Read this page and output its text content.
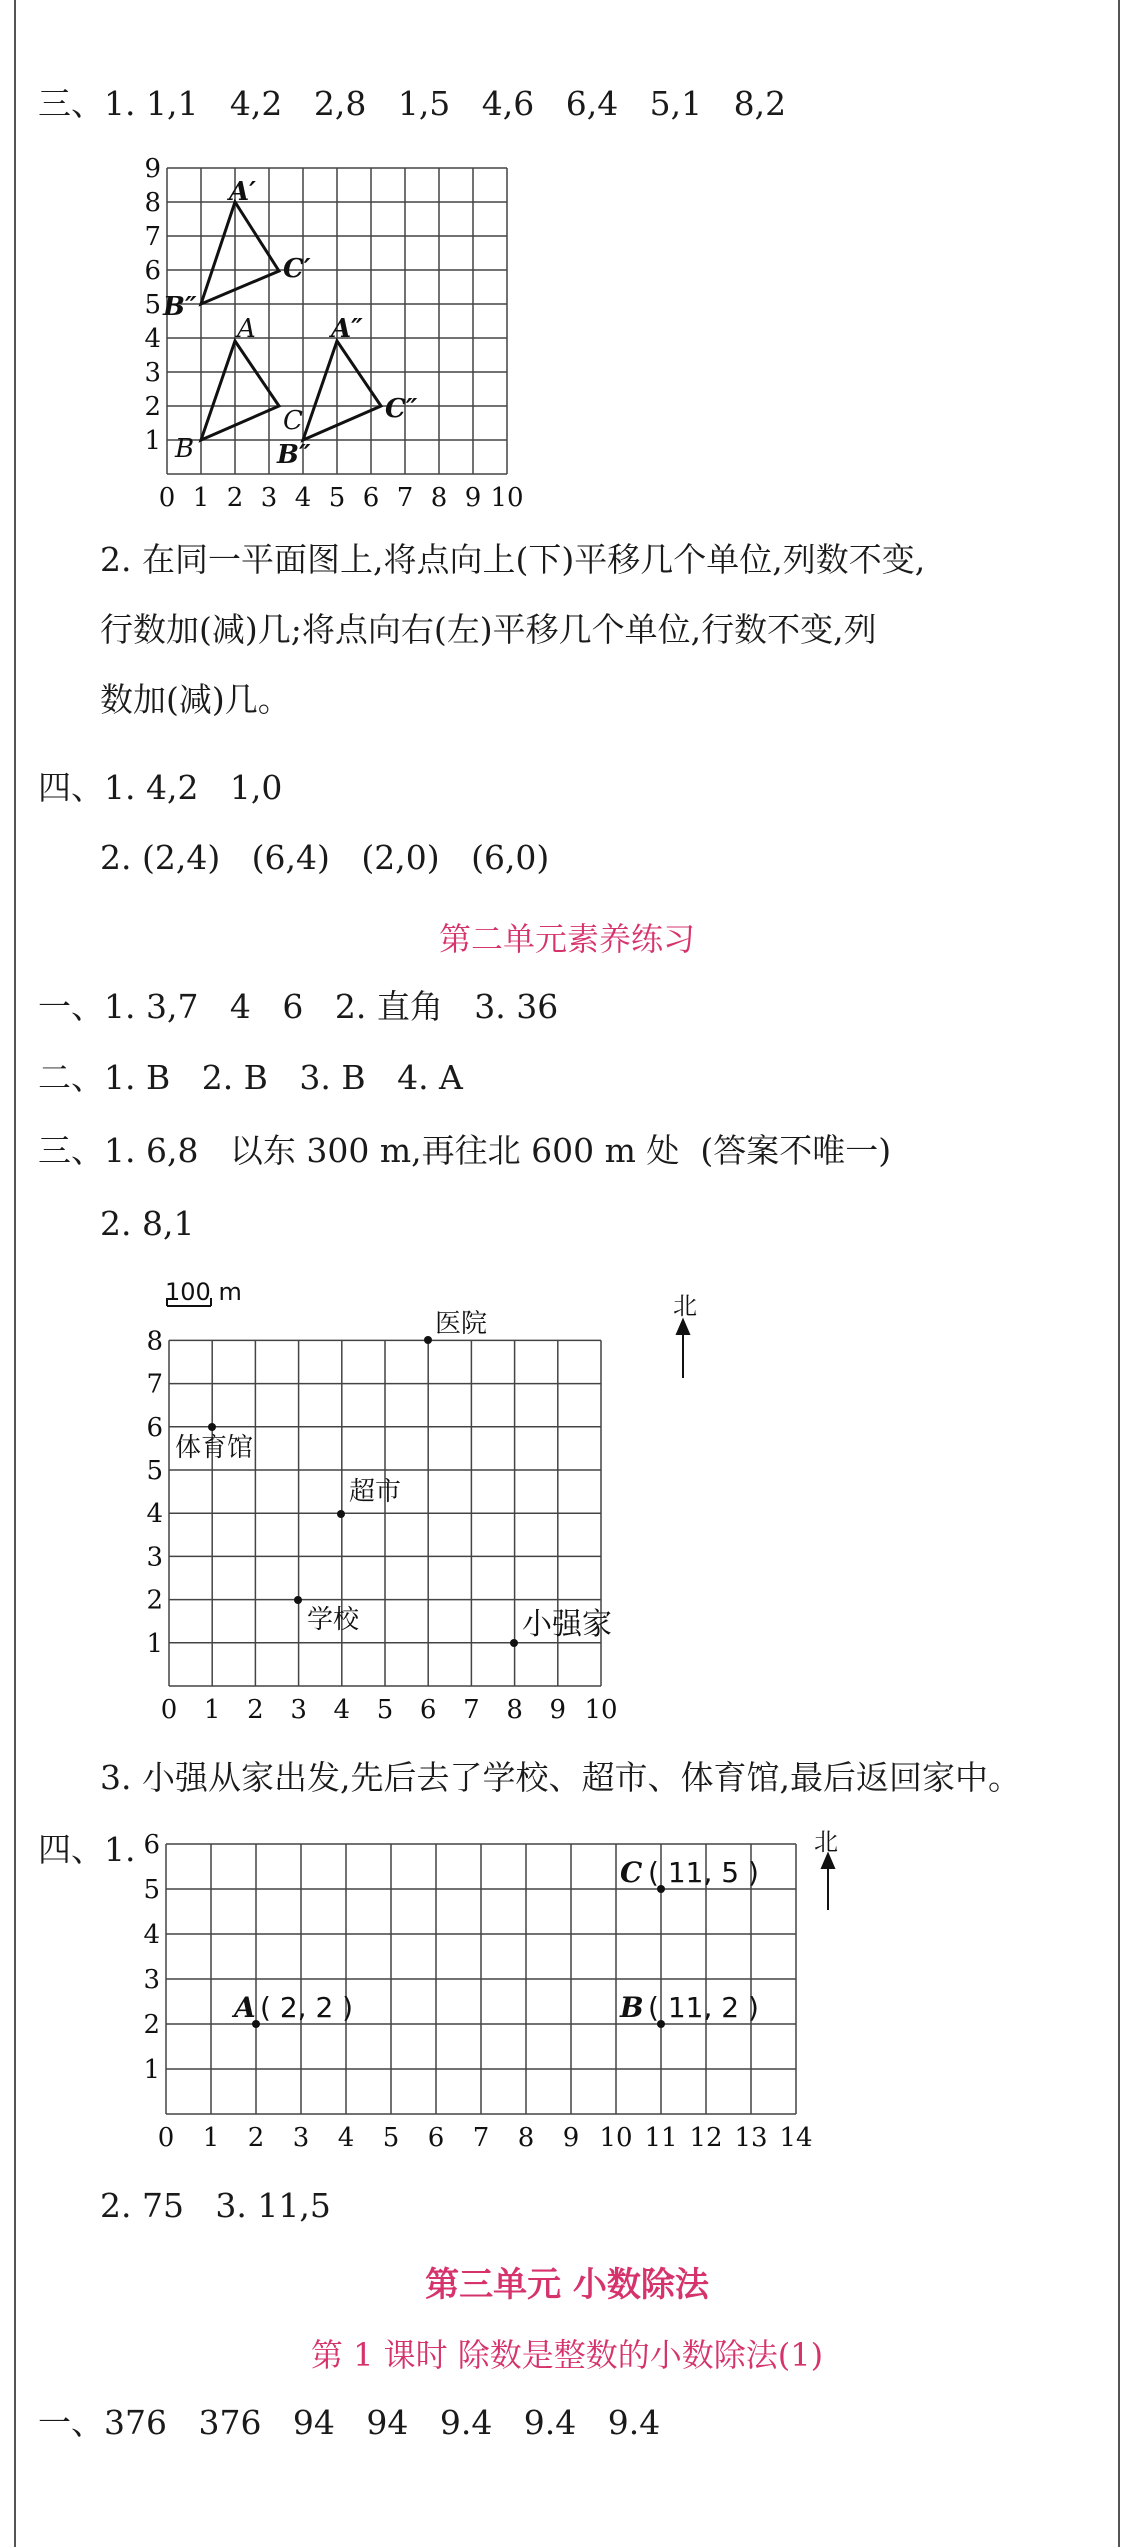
三、1. 1,1   4,2   2,8   1,5   4,6   6,4   5,1   8,2
0 1 2 3 4 5 6 7 8 9 10
1
2
3
4
5
6
7
8
9
B
A
C
A′
B″
C′
A″
B″
C″
2. 在同一平面图上,将点向上(下)平移几个单位,列数不变,
行数加(减)几;将点向右(左)平移几个单位,行数不变,列
数加(减)几。
四、1. 4,2   1,0
2. (2,4)   (6,4)   (2,0)   (6,0)
第二单元素养练习
一、1. 3,7   4   6   2. 直角   3. 36
二、1. B   2. B   3. B   4. A
三、1. 6,8   以东 300 m,再往北 600 m 处  (答案不唯一)
2. 8,1
100 m
0 1 2 3 4 5 6 7 8 9 10
1
2
3
4
5
6
7
8
医院
体育馆
超市
学校	小强家
北
3. 小强从家出发,先后去了学校、超市、体育馆,最后返回家中。
四、1.
0 1 2 3 4 5 6 7 8 9 10 11 12 13 14
1
2
3
4
5
6
A ( 2, 2 )	B ( 11, 2 )
C ( 11, 5 )
北
2. 75   3. 11,5
第三单元 小数除法
第 1 课时 除数是整数的小数除法(1)
一、376   376   94   94   9.4   9.4   9.4
